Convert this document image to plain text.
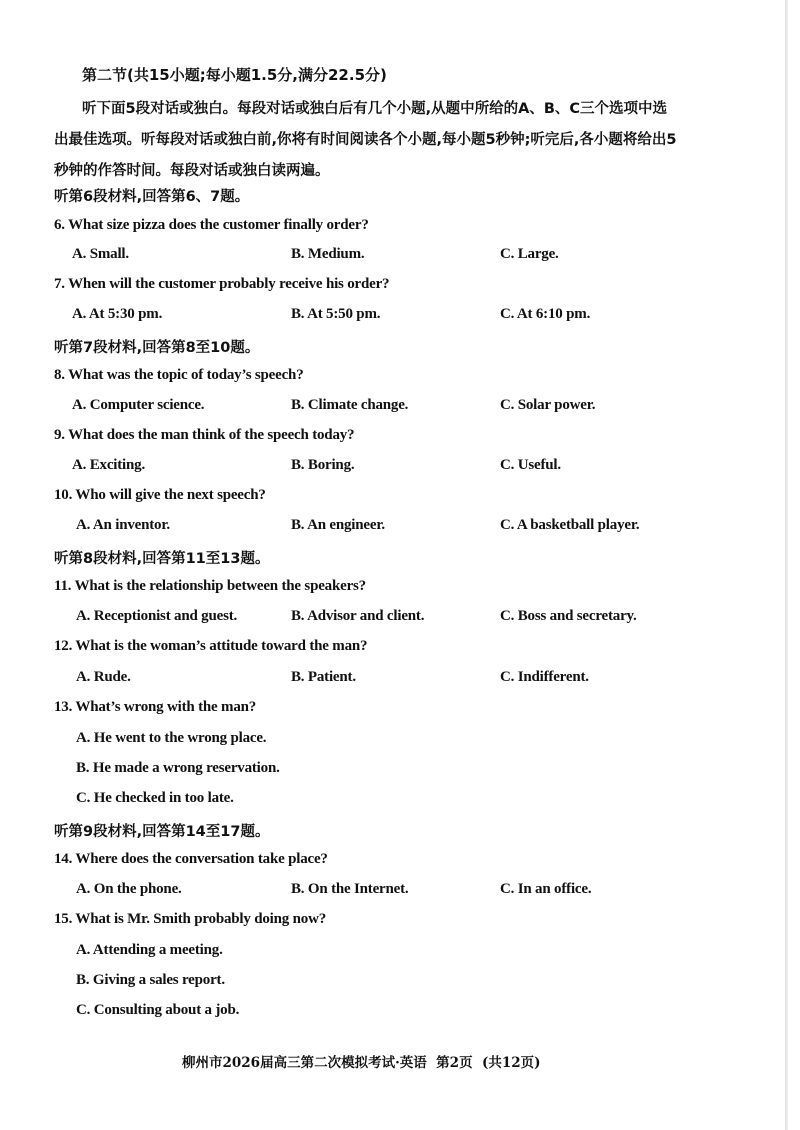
第二节(共15小题;每小题1.5分,满分22.5分)

听下面5段对话或独白。每段对话或独白后有几个小题,从题中所给的A、B、C三个选项中选出最佳选项。听每段对话或独白前,你将有时间阅读各个小题,每小题5秒钟;听完后,各小题将给出5秒钟的作答时间。每段对话或独白读两遍。

听第6段材料,回答第6、7题。
6. What size pizza does the customer finally order?
A. Small.	B. Medium.	C. Large.
7. When will the customer probably receive his order?
A. At 5:30 pm.	B. At 5:50 pm.	C. At 6:10 pm.
听第7段材料,回答第8至10题。
8. What was the topic of today’s speech?
A. Computer science.	B. Climate change.	C. Solar power.
9. What does the man think of the speech today?
A. Exciting.	B. Boring.	C. Useful.
10. Who will give the next speech?
A. An inventor.	B. An engineer.	C. A basketball player.
听第8段材料,回答第11至13题。
11. What is the relationship between the speakers?
A. Receptionist and guest.	B. Advisor and client.	C. Boss and secretary.
12. What is the woman’s attitude toward the man?
A. Rude.	B. Patient.	C. Indifferent.
13. What’s wrong with the man?
A. He went to the wrong place.
B. He made a wrong reservation.
C. He checked in too late.
听第9段材料,回答第14至17题。
14. Where does the conversation take place?
A. On the phone.	B. On the Internet.	C. In an office.
15. What is Mr. Smith probably doing now?
A. Attending a meeting.
B. Giving a sales report.
C. Consulting about a job.
柳州市2026届高三第二次模拟考试·英语  第2页  (共12页)
